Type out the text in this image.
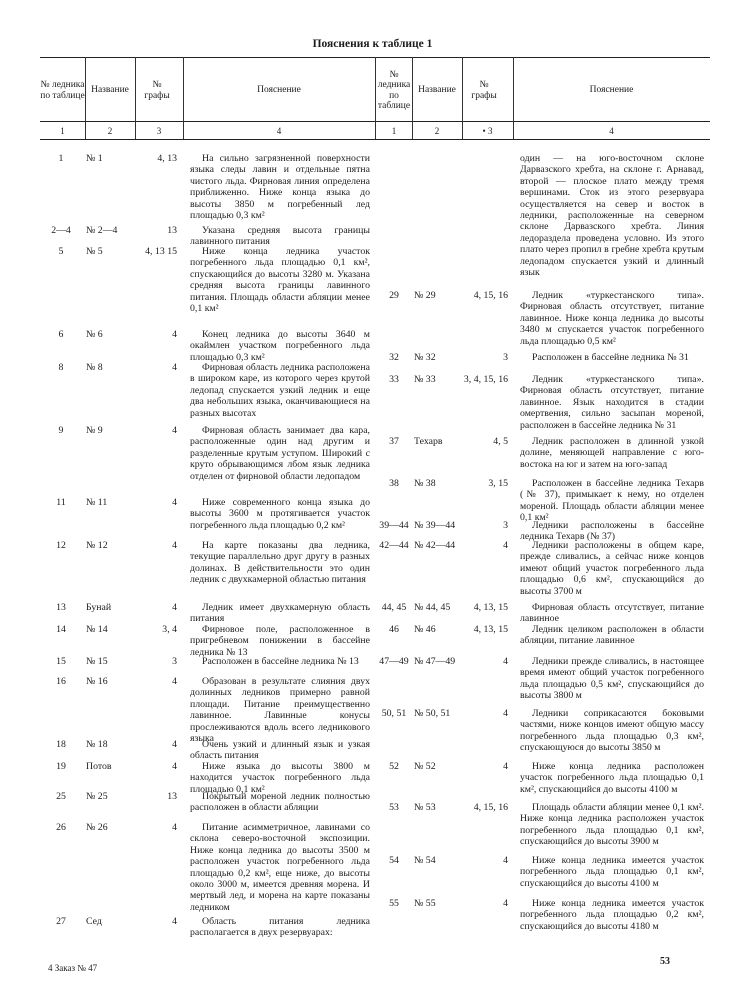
Пояснения к таблице 1
№ ледника по таблице
Название
№ графы
Пояснение
№ ледника по таблице
Название
№ графы
Пояснение
1	2	3	4	1	2	• 3	4
1	№ 1	4, 13	На сильно загрязненной поверхности языка следы лавин и отдельные пятна чистого льда. Фирновая линия определена приближенно. Ниже конца языка до высоты 3850 м погребенный лед площадью 0,3 км²
2—4	№ 2—4	13	Указана средняя высота границы лавинного питания
5	№ 5	4, 13 15	Ниже конца ледника участок погребенного льда площадью 0,1 км², спускающийся до высоты 3280 м. Указана средняя высота границы лавинного питания. Площадь области абляции менее 0,1 км²
6	№ 6	4	Конец ледника до высоты 3640 м окаймлен участком погребенного льда площадью 0,3 км²
8	№ 8	4	Фирновая область ледника расположена в широком каре, из которого через крутой ледопад спускается узкий ледник и еще два небольших языка, оканчивающиеся на разных высотах
9	№ 9	4	Фирновая область занимает два кара, расположенные один над другим и разделенные крутым уступом. Широкий с круто обрывающимся лбом язык ледника отделен от фирновой области ледопадом
11	№ 11	4	Ниже современного конца языка до высоты 3600 м протягивается участок погребенного льда площадью 0,2 км²
12	№ 12	4	На карте показаны два ледника, текущие параллельно друг другу в разных долинах. В действительности это один ледник с двухкамерной областью питания
13	Бунай	4	Ледник имеет двухкамерную область питания
14	№ 14	3, 4	Фирновое поле, расположенное в пригребневом понижении в бассейне ледника № 13
15	№ 15	3	Расположен в бассейне ледника № 13
16	№ 16	4	Образован в результате слияния двух долинных ледников примерно равной площади. Питание преимущественно лавинное. Лавинные конусы прослеживаются вдоль всего ледникового языка
18	№ 18	4	Очень узкий и длинный язык и узкая область питания
19	Потов	4	Ниже языка до высоты 3800 м находится участок погребенного льда площадью 0,1 км²
25	№ 25	13	Покрытый мореной ледник полностью расположен в области абляции
26	№ 26	4	Питание асимметричное, лавинами со склона северо-восточной экспозиции. Ниже конца ледника до высоты 3500 м расположен участок погребенного льда площадью 0,2 км², еще ниже, до высоты около 3000 м, имеется древняя морена. И мертвый лед, и морена на карте показаны ледником
27	Сед	4	Область питания ледника располагается в двух резервуарах:
один — на юго-восточном склоне Дарвазского хребта, на склоне г. Арнавад, второй — плоское плато между тремя вершинами. Сток из этого резервуара осуществляется на север и восток в ледники, расположенные на северном склоне Дарвазского хребта. Линия ледораздела проведена условно. Из этого плато через пропил в гребне хребта крутым ледопадом спускается узкий и длинный язык
29	№ 29	4, 15, 16	Ледник «туркестанского типа». Фирновая область отсутствует, питание лавинное. Ниже конца ледника до высоты 3480 м спускается участок погребенного льда площадью 0,5 км²
32	№ 32	3	Расположен в бассейне ледника № 31
33	№ 33	3, 4, 15, 16	Ледник «туркестанского типа». Фирновая область отсутствует, питание лавинное. Язык находится в стадии омертвения, сильно засыпан мореной, расположен в бассейне ледника № 31
37	Техарв	4, 5	Ледник расположен в длинной узкой долине, меняющей направление с юго-востока на юг и затем на юго-запад
38	№ 38	3, 15	Расположен в бассейне ледника Техарв (№ 37), примыкает к нему, но отделен мореной. Площадь области абляции менее 0,1 км²
39—44 № 39—44	3	Ледники расположены в бассейне ледника Техарв (№ 37)
42—44 № 42—44	4	Ледники расположены в общем каре, прежде сливались, а сейчас ниже концов имеют общий участок погребенного льда площадью 0,6 км², спускающийся до высоты 3700 м
44, 45 № 44, 45	4, 13, 15	Фирновая область отсутствует, питание лавинное
46	№ 46	4, 13, 15	Ледник целиком расположен в области абляции, питание лавинное
47—49 № 47—49	4	Ледники прежде сливались, в настоящее время имеют общий участок погребенного льда площадью 0,5 км², спускающийся до высоты 3800 м
50, 51 № 50, 51	4	Ледники соприкасаются боковыми частями, ниже концов имеют общую массу погребенного льда площадью 0,3 км², спускающуюся до высоты 3850 м
52	№ 52	4	Ниже конца ледника расположен участок погребенного льда площадью 0,1 км², спускающийся до высоты 4100 м
53	№ 53	4, 15, 16	Площадь области абляции менее 0,1 км². Ниже конца ледника расположен участок погребенного льда площадью 0,1 км², спускающийся до высоты 3900 м
54	№ 54	4	Ниже конца ледника имеется участок погребенного льда площадью 0,1 км², спускающийся до высоты 4100 м
55	№ 55	4	Ниже конца ледника имеется участок погребенного льда площадью 0,2 км², спускающийся до высоты 4180 м
4 Заказ № 47
53
